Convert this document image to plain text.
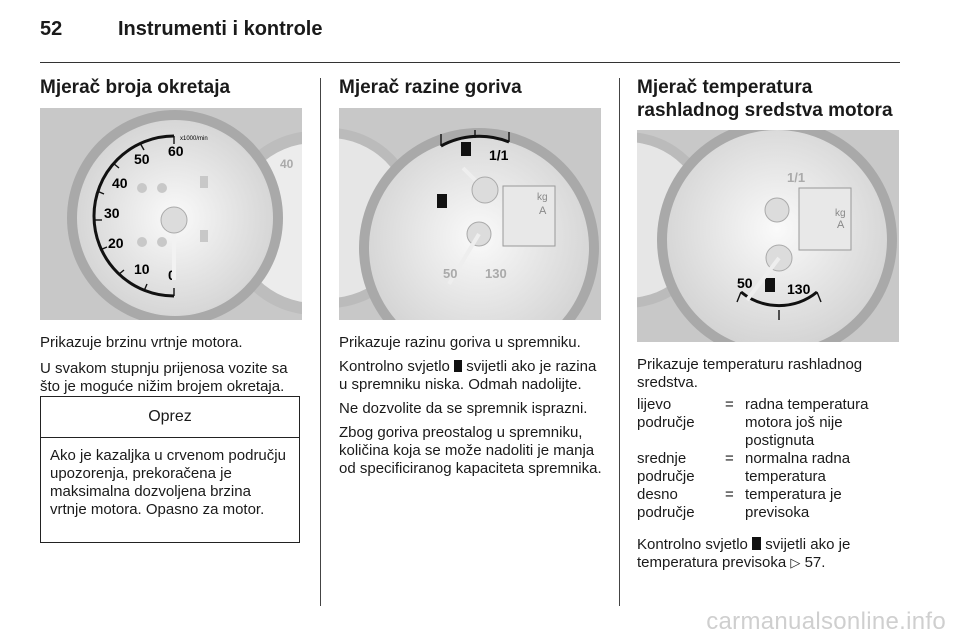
52	Instrumenti i kontrole
Mjerač broja okretaja
40
60
50
40
30
20
10 0
x1000/min

Prikazuje brzinu vrtnje motora.

U svakom stupnju prijenosa vozite sa što je moguće nižim brojem okretaja.

Oprez
Ako je kazaljka u crvenom području upozorenja, prekoračena je maksimalna dozvoljena brzina vrtnje motora. Opasno za motor.
Mjerač razine goriva
1/1
50 130
kg
A

Prikazuje razinu goriva u spremniku.

Kontrolno svjetlo svijetli ako je razina u spremniku niska. Odmah nadolijte.

Ne dozvolite da se spremnik isprazni.

Zbog goriva preostalog u spremniku, količina koja se može nadoliti je manja od specificiranog kapaciteta spremnika.

Mjerač temperatura rashladnog sredstva motora
1/1
kg
A
50 130

Prikazuje temperaturu rashladnog sredstva.

lijevo područje
= radna temperatura motora još nije postignuta
srednje područje
= normalna radna temperatura
desno područje
= temperatura je previsoka

Kontrolno svjetlo svijetli ako je temperatura previsoka ▷ 57.

carmanualsonline.info
